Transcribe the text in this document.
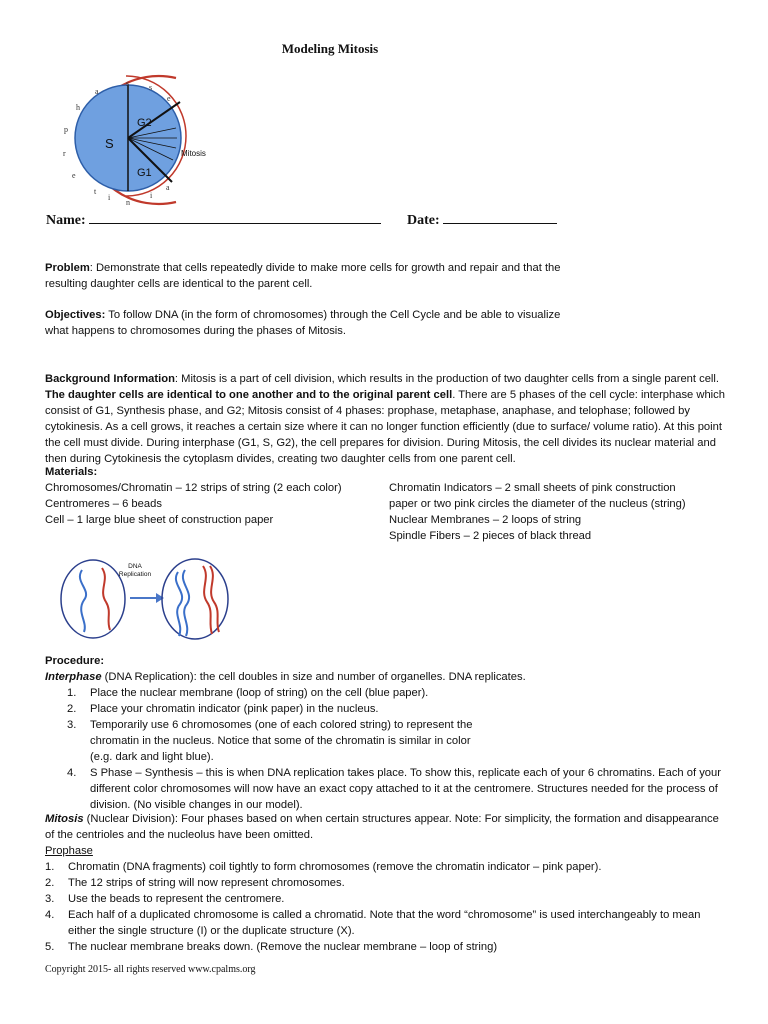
Modeling Mitosis
S
G2
G1
Mitosis
s
a
h
p
r
e
t
n
i
s
e
a
i
Name:	Date:

Problem: Demonstrate that cells repeatedly divide to make more cells for growth and repair and that the resulting daughter cells are identical to the parent cell.

Objectives: To follow DNA (in the form of chromosomes) through the Cell Cycle and be able to visualize what happens to chromosomes during the phases of Mitosis.

Background Information: Mitosis is a part of cell division, which results in the production of two daughter cells from a single parent cell. The daughter cells are identical to one another and to the original parent cell. There are 5 phases of the cell cycle: interphase which consist of G1, Synthesis phase, and G2; Mitosis consist of 4 phases: prophase, metaphase, anaphase, and telophase; followed by cytokinesis. As a cell grows, it reaches a certain size where it can no longer function efficiently (due to surface/ volume ratio). At this point the cell must divide. During interphase (G1, S, G2), the cell prepares for division. During Mitosis, the cell divides its nuclear material and then during Cytokinesis the cytoplasm divides, creating two daughter cells from one parent cell.

Materials:
Chromosomes/Chromatin – 12 strips of string (2 each color)
Centromeres – 6 beads
Cell – 1 large blue sheet of construction paper
Chromatin Indicators – 2 small sheets of pink construction
paper or two pink circles the diameter of the nucleus (string)
Nuclear Membranes – 2 loops of string
Spindle Fibers – 2 pieces of black thread
DNA
Replication
Procedure:

Interphase (DNA Replication): the cell doubles in size and number of organelles. DNA replicates.

1. Place the nuclear membrane (loop of string) on the cell (blue paper).
2. Place your chromatin indicator (pink paper) in the nucleus.
3. Temporarily use 6 chromosomes (one of each colored string) to represent the chromatin in the nucleus. Notice that some of the chromatin is similar in color (e.g. dark and light blue).
4. S Phase – Synthesis – this is when DNA replication takes place. To show this, replicate each of your 6 chromatins. Each of your different color chromosomes will now have an exact copy attached to it at the centromere. Structures needed for the process of division. (No visible changes in our model).

Mitosis (Nuclear Division): Four phases based on when certain structures appear. Note: For simplicity, the formation and disappearance of the centrioles and the nucleolus have been omitted.

Prophase
1. Chromatin (DNA fragments) coil tightly to form chromosomes (remove the chromatin indicator – pink paper).
2. The 12 strips of string will now represent chromosomes.
3. Use the beads to represent the centromere.
4. Each half of a duplicated chromosome is called a chromatid. Note that the word “chromosome” is used interchangeably to mean either the single structure (I) or the duplicate structure (X).
5. The nuclear membrane breaks down. (Remove the nuclear membrane – loop of string)
Copyright 2015- all rights reserved www.cpalms.org
